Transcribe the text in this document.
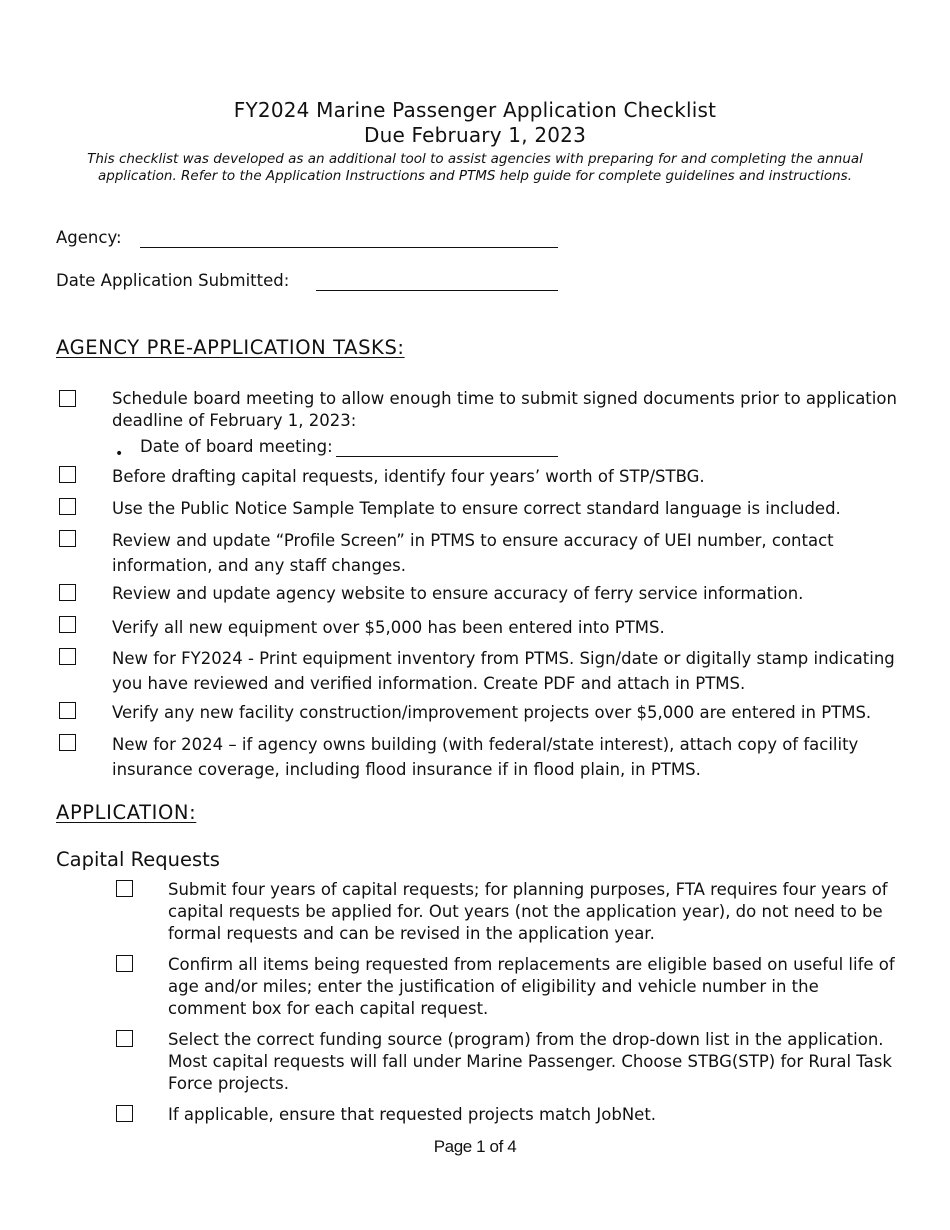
FY2024 Marine Passenger Application Checklist
Due February 1, 2023
This checklist was developed as an additional tool to assist agencies with preparing for and completing the annual application. Refer to the Application Instructions and PTMS help guide for complete guidelines and instructions.
Agency:
Date Application Submitted:
AGENCY PRE-APPLICATION TASKS:
Schedule board meeting to allow enough time to submit signed documents prior to application deadline of February 1, 2023:
• Date of board meeting:
Before drafting capital requests, identify four years’ worth of STP/STBG.
Use the Public Notice Sample Template to ensure correct standard language is included.
Review and update “Profile Screen” in PTMS to ensure accuracy of UEI number, contact information, and any staff changes.
Review and update agency website to ensure accuracy of ferry service information.
Verify all new equipment over $5,000 has been entered into PTMS.
New for FY2024 - Print equipment inventory from PTMS. Sign/date or digitally stamp indicating you have reviewed and verified information. Create PDF and attach in PTMS.
Verify any new facility construction/improvement projects over $5,000 are entered in PTMS.
New for 2024 – if agency owns building (with federal/state interest), attach copy of facility insurance coverage, including flood insurance if in flood plain, in PTMS.
APPLICATION:
Capital Requests
Submit four years of capital requests; for planning purposes, FTA requires four years of capital requests be applied for. Out years (not the application year), do not need to be formal requests and can be revised in the application year.
Confirm all items being requested from replacements are eligible based on useful life of age and/or miles; enter the justification of eligibility and vehicle number in the comment box for each capital request.
Select the correct funding source (program) from the drop-down list in the application. Most capital requests will fall under Marine Passenger. Choose STBG(STP) for Rural Task Force projects.
If applicable, ensure that requested projects match JobNet.
Page 1 of 4
